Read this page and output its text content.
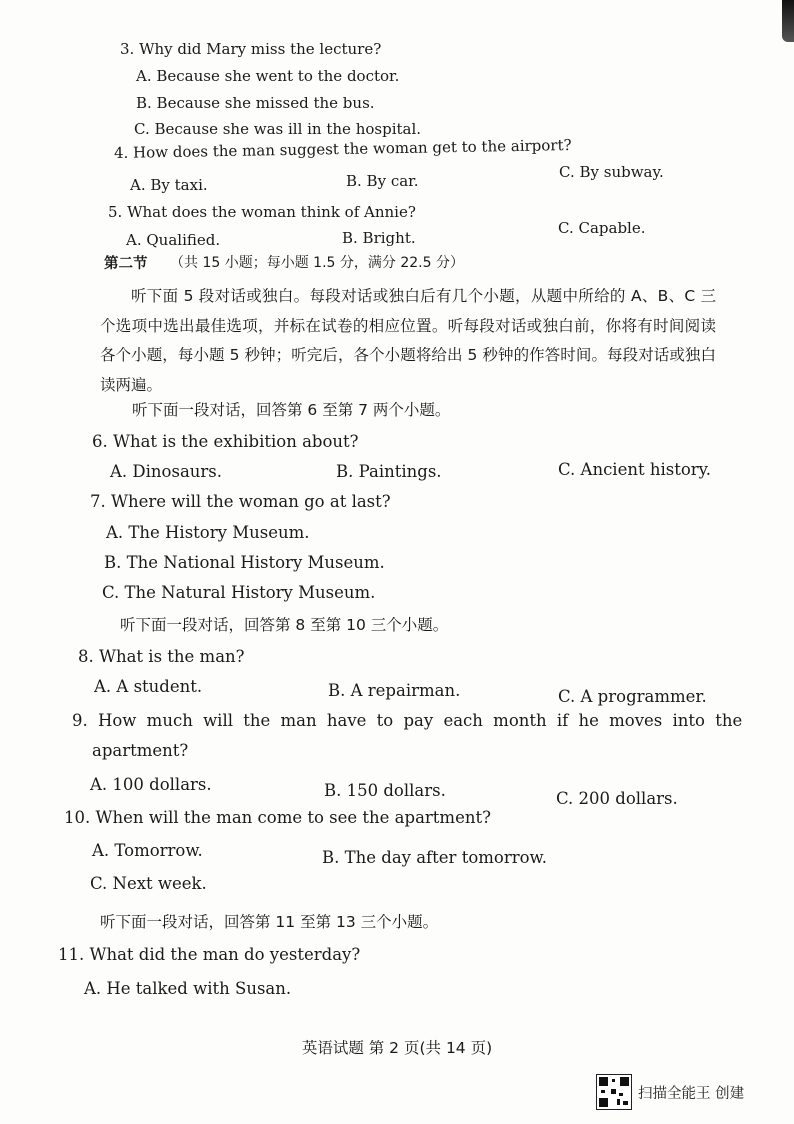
3. Why did Mary miss the lecture?
A. Because she went to the doctor.
B. Because she missed the bus.
C. Because she was ill in the hospital.
4. How does the man suggest the woman get to the airport?
A. By taxi.	B. By car.	C. By subway.
5. What does the woman think of Annie?
A. Qualified.	B. Bright.
C. Capable.
第二节 （共 15 小题；每小题 1.5 分，满分 22.5 分）
听下面 5 段对话或独白。每段对话或独白后有几个小题，从题中所给的 A、B、C 三个选项中选出最佳选项，并标在试卷的相应位置。听每段对话或独白前，你将有时间阅读各个小题，每小题 5 秒钟；听完后，各个小题将给出 5 秒钟的作答时间。每段对话或独白读两遍。
听下面一段对话，回答第 6 至第 7 两个小题。
6. What is the exhibition about?
A. Dinosaurs.	B. Paintings.	C. Ancient history.
7. Where will the woman go at last?
A. The History Museum.
B. The National History Museum.
C. The Natural History Museum.
听下面一段对话，回答第 8 至第 10 三个小题。
8. What is the man?
A. A student.	B. A repairman.	C. A programmer.
9. How much will the man have to pay each month if he moves into the
apartment?
A. 100 dollars.	B. 150 dollars.	C. 200 dollars.
10. When will the man come to see the apartment?
A. Tomorrow.	B. The day after tomorrow.
C. Next week.
听下面一段对话，回答第 11 至第 13 三个小题。
11. What did the man do yesterday?
A. He talked with Susan.
英语试题 第 2 页(共 14 页)
扫描全能王 创建
